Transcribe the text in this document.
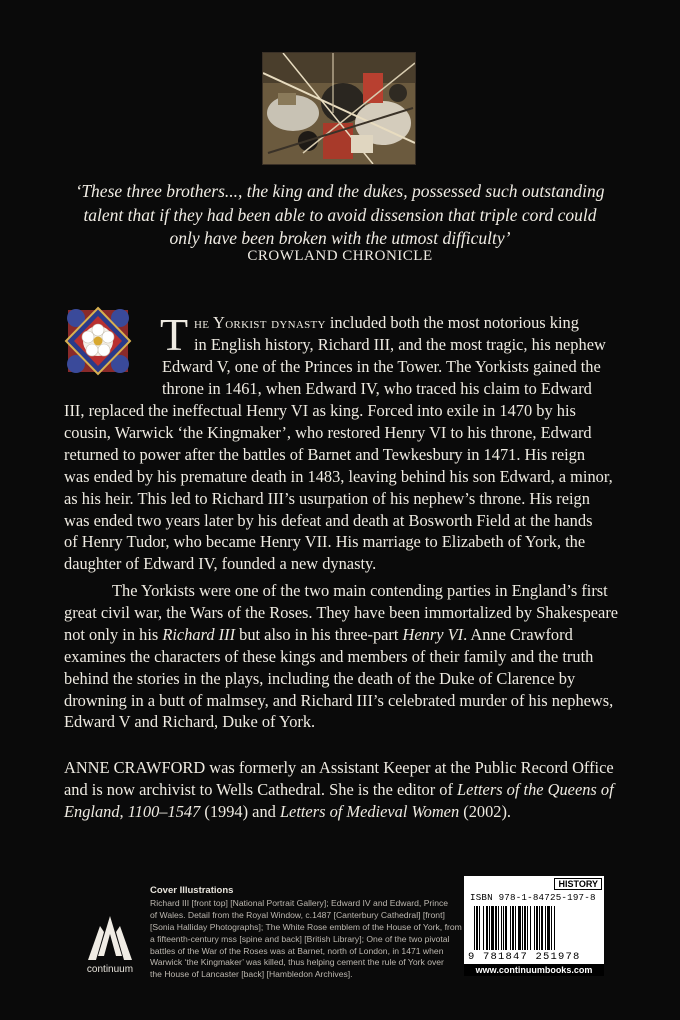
‘These three brothers..., the king and the dukes, possessed such outstanding
talent that if they had been able to avoid dissension that triple cord could
only have been broken with the utmost difficulty’
CROWLAND CHRONICLE
T he Yorkist dynasty included both the most notorious king
in English history, Richard III, and the most tragic, his nephew
Edward V, one of the Princes in the Tower. The Yorkists gained the
throne in 1461, when Edward IV, who traced his claim to Edward
III, replaced the ineffectual Henry VI as king. Forced into exile in 1470 by his
cousin, Warwick ‘the Kingmaker’, who restored Henry VI to his throne, Edward
returned to power after the battles of Barnet and Tewkesbury in 1471. His reign
was ended by his premature death in 1483, leaving behind his son Edward, a minor,
as his heir. This led to Richard III’s usurpation of his nephew’s throne. His reign
was ended two years later by his defeat and death at Bosworth Field at the hands
of Henry Tudor, who became Henry VII. His marriage to Elizabeth of York, the
daughter of Edward IV, founded a new dynasty.
The Yorkists were one of the two main contending parties in England’s first
great civil war, the Wars of the Roses. They have been immortalized by Shakespeare
not only in his Richard III but also in his three-part Henry VI. Anne Crawford
examines the characters of these kings and members of their family and the truth
behind the stories in the plays, including the death of the Duke of Clarence by
drowning in a butt of malmsey, and Richard III’s celebrated murder of his nephews,
Edward V and Richard, Duke of York.
ANNE CRAWFORD was formerly an Assistant Keeper at the Public Record Office
and is now archivist to Wells Cathedral. She is the editor of Letters of the Queens of
England, 1100–1547 (1994) and Letters of Medieval Women (2002).
continuum
Cover Illustrations
Richard III [front top] [National Portrait Gallery]; Edward IV and Edward, Prince
of Wales. Detail from the Royal Window, c.1487 [Canterbury Cathedral] [front]
[Sonia Halliday Photographs]; The White Rose emblem of the House of York, from
a fifteenth-century mss [spine and back] [British Library]; One of the two pivotal
battles of the War of the Roses was at Barnet, north of London, in 1471 when
Warwick ‘the Kingmaker’ was killed, thus helping cement the rule of York over
the House of Lancaster [back] [Hambledon Archives].
HISTORY
ISBN 978-1-84725-197-8
9 781847 251978
www.continuumbooks.com
